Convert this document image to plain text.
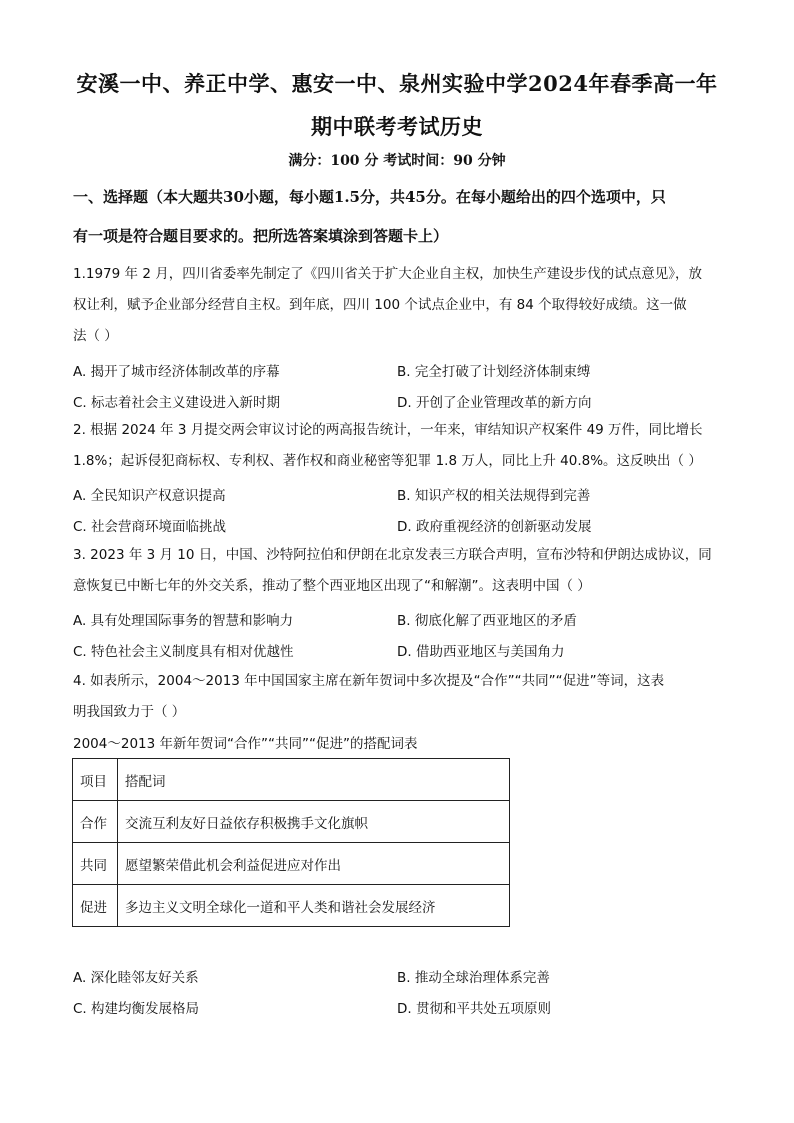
安溪一中、养正中学、惠安一中、泉州实验中学2024年春季高一年
期中联考考试历史
满分：100 分 考试时间：90 分钟
一、选择题（本大题共30小题，每小题1.5分，共45分。在每小题给出的四个选项中，只
有一项是符合题目要求的。把所选答案填涂到答题卡上）
1.1979 年 2 月，四川省委率先制定了《四川省关于扩大企业自主权，加快生产建设步伐的试点意见》，放
权让利，赋予企业部分经营自主权。到年底，四川 100 个试点企业中，有 84 个取得较好成绩。这一做
法（ ）
A. 揭开了城市经济体制改革的序幕	B. 完全打破了计划经济体制束缚
C. 标志着社会主义建设进入新时期	D. 开创了企业管理改革的新方向
2. 根据 2024 年 3 月提交两会审议讨论的两高报告统计，一年来，审结知识产权案件 49 万件，同比增长
1.8%；起诉侵犯商标权、专利权、著作权和商业秘密等犯罪 1.8 万人，同比上升 40.8%。这反映出（ ）
A. 全民知识产权意识提高	B. 知识产权的相关法规得到完善
C. 社会营商环境面临挑战	D. 政府重视经济的创新驱动发展
3. 2023 年 3 月 10 日，中国、沙特阿拉伯和伊朗在北京发表三方联合声明，宣布沙特和伊朗达成协议，同
意恢复已中断七年的外交关系，推动了整个西亚地区出现了“和解潮”。这表明中国（ ）
A. 具有处理国际事务的智慧和影响力	B. 彻底化解了西亚地区的矛盾
C. 特色社会主义制度具有相对优越性	D. 借助西亚地区与美国角力
4. 如表所示，2004～2013 年中国国家主席在新年贺词中多次提及“合作”“共同”“促进”等词，这表
明我国致力于（ ）
2004～2013 年新年贺词“合作”“共同”“促进”的搭配词表
项目	搭配词
合作	交流互利友好日益依存积极携手文化旗帜
共同	愿望繁荣借此机会利益促进应对作出
促进	多边主义文明全球化一道和平人类和谐社会发展经济
A. 深化睦邻友好关系	B. 推动全球治理体系完善
C. 构建均衡发展格局	D. 贯彻和平共处五项原则
